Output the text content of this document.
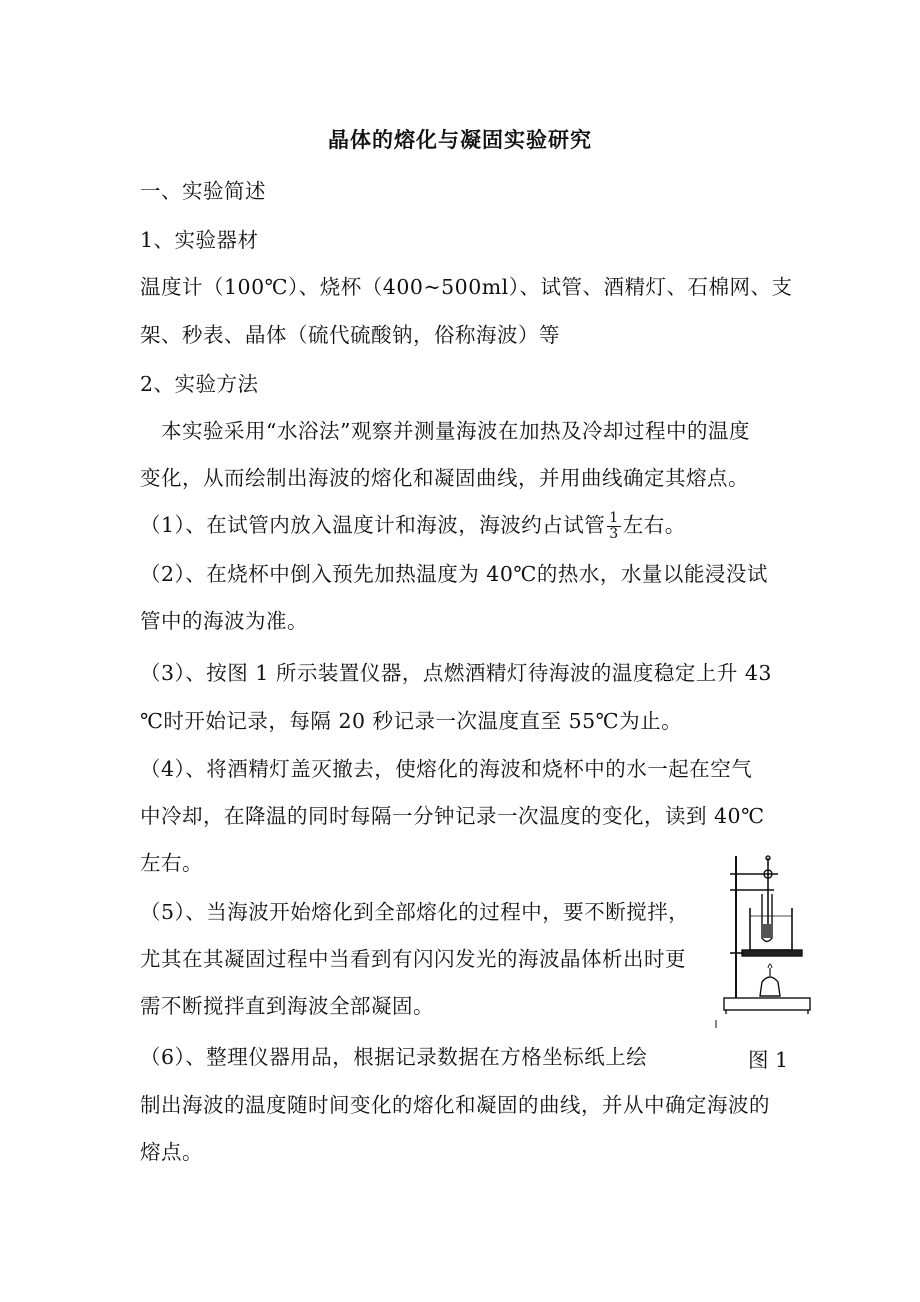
晶体的熔化与凝固实验研究
一、实验简述
1、实验器材
温度计（100℃）、烧杯（400~500ml）、试管、酒精灯、石棉网、支
架、秒表、晶体（硫代硫酸钠，俗称海波）等
2、实验方法
本实验采用“水浴法”观察并测量海波在加热及冷却过程中的温度
变化，从而绘制出海波的熔化和凝固曲线，并用曲线确定其熔点。
（1）、在试管内放入温度计和海波，海波约占试管 $\frac{1}{3}$ 左右。
（2）、在烧杯中倒入预先加热温度为 40℃的热水，水量以能浸没试
管中的海波为准。
（3）、按图 1 所示装置仪器，点燃酒精灯待海波的温度稳定上升 43
℃时开始记录，每隔 20 秒记录一次温度直至 55℃为止。
（4）、将酒精灯盖灭撤去，使熔化的海波和烧杯中的水一起在空气
中冷却，在降温的同时每隔一分钟记录一次温度的变化，读到 40℃
左右。
（5）、当海波开始熔化到全部熔化的过程中，要不断搅拌，
尤其在其凝固过程中当看到有闪闪发光的海波晶体析出时更
需不断搅拌直到海波全部凝固。
（6）、整理仪器用品，根据记录数据在方格坐标纸上绘
制出海波的温度随时间变化的熔化和凝固的曲线，并从中确定海波的
熔点。
图 1
